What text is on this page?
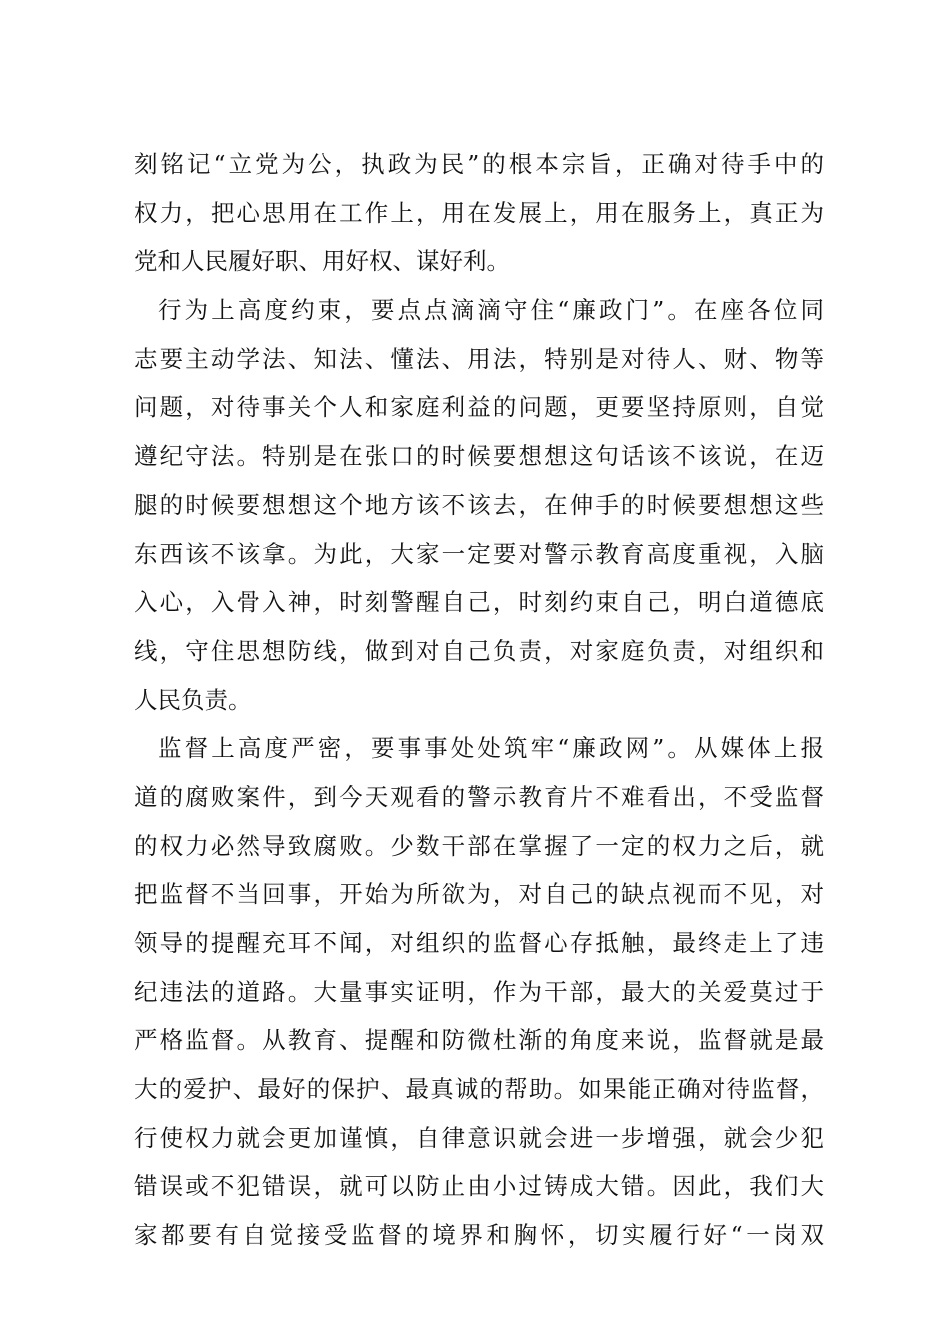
刻铭记“立党为公，执政为民”的根本宗旨，正确对待手中的
权力，把心思用在工作上，用在发展上，用在服务上，真正为
党和人民履好职、用好权、谋好利。
行为上高度约束，要点点滴滴守住“廉政门”。在座各位同
志要主动学法、知法、懂法、用法，特别是对待人、财、物等
问题，对待事关个人和家庭利益的问题，更要坚持原则，自觉
遵纪守法。特别是在张口的时候要想想这句话该不该说，在迈
腿的时候要想想这个地方该不该去，在伸手的时候要想想这些
东西该不该拿。为此，大家一定要对警示教育高度重视，入脑
入心，入骨入神，时刻警醒自己，时刻约束自己，明白道德底
线，守住思想防线，做到对自己负责，对家庭负责，对组织和
人民负责。
监督上高度严密，要事事处处筑牢“廉政网”。从媒体上报
道的腐败案件，到今天观看的警示教育片不难看出，不受监督
的权力必然导致腐败。少数干部在掌握了一定的权力之后，就
把监督不当回事，开始为所欲为，对自己的缺点视而不见，对
领导的提醒充耳不闻，对组织的监督心存抵触，最终走上了违
纪违法的道路。大量事实证明，作为干部，最大的关爱莫过于
严格监督。从教育、提醒和防微杜渐的角度来说，监督就是最
大的爱护、最好的保护、最真诚的帮助。如果能正确对待监督，
行使权力就会更加谨慎，自律意识就会进一步增强，就会少犯
错误或不犯错误，就可以防止由小过铸成大错。因此，我们大
家都要有自觉接受监督的境界和胸怀，切实履行好“一岗双
